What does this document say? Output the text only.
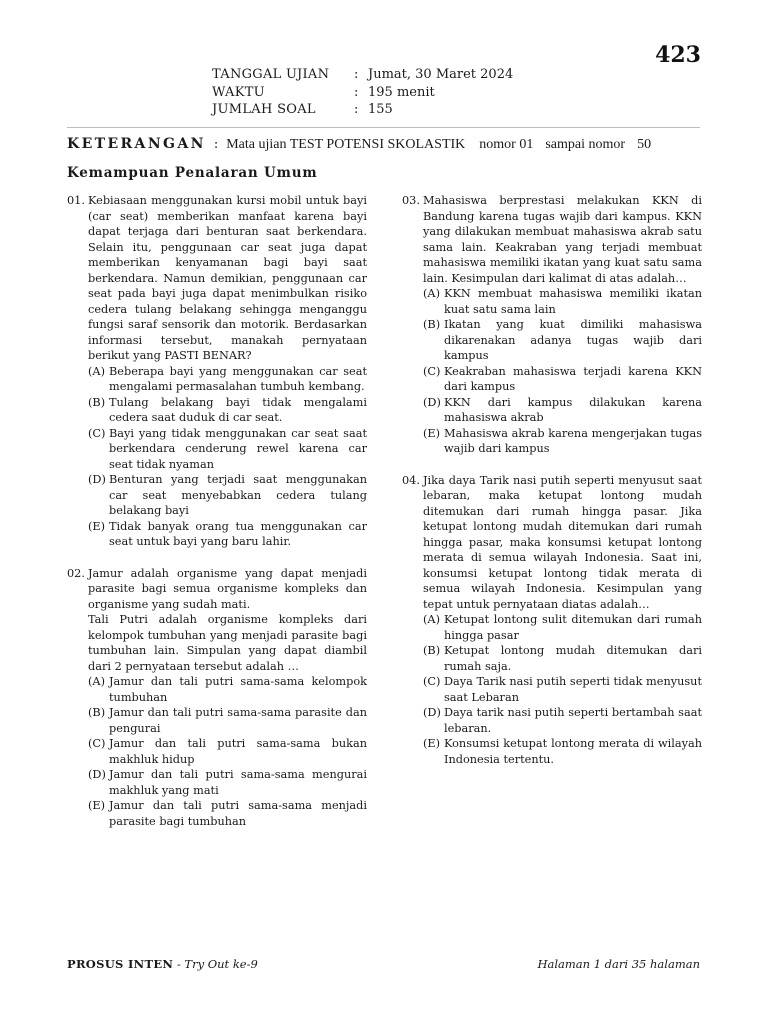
423
TANGGAL UJIAN	: Jumat, 30 Maret 2024
WAKTU	: 195 menit
JUMLAH SOAL	: 155
KETERANGAN : Mata ujian TEST POTENSI SKOLASTIK nomor 01 sampai nomor 50
Kemampuan Penalaran Umum
01. Kebiasaan menggunakan kursi mobil untuk bayi (car seat) memberikan manfaat karena bayi dapat terjaga dari benturan saat berkendara. Selain itu, penggunaan car seat juga dapat memberikan kenyamanan bagi bayi saat berkendara. Namun demikian, penggunaan car seat pada bayi juga dapat menimbulkan risiko cedera tulang belakang sehingga menganggu fungsi saraf sensorik dan motorik. Berdasarkan informasi tersebut, manakah pernyataan berikut yang PASTI BENAR?
(A) Beberapa bayi yang menggunakan car seat mengalami permasalahan tumbuh kembang.
(B) Tulang belakang bayi tidak mengalami cedera saat duduk di car seat.
(C) Bayi yang tidak menggunakan car seat saat berkendara cenderung rewel karena car seat tidak nyaman
(D) Benturan yang terjadi saat menggunakan car seat menyebabkan cedera tulang belakang bayi
(E) Tidak banyak orang tua menggunakan car seat untuk bayi yang baru lahir.
02. Jamur adalah organisme yang dapat menjadi parasite bagi semua organisme kompleks dan organisme yang sudah mati.
Tali Putri adalah organisme kompleks dari kelompok tumbuhan yang menjadi parasite bagi tumbuhan lain. Simpulan yang dapat diambil dari 2 pernyataan tersebut adalah …
(A) Jamur dan tali putri sama-sama kelompok tumbuhan
(B) Jamur dan tali putri sama-sama parasite dan pengurai
(C) Jamur dan tali putri sama-sama bukan makhluk hidup
(D) Jamur dan tali putri sama-sama mengurai makhluk yang mati
(E) Jamur dan tali putri sama-sama menjadi parasite bagi tumbuhan
03. Mahasiswa berprestasi melakukan KKN di Bandung karena tugas wajib dari kampus. KKN yang dilakukan membuat mahasiswa akrab satu sama lain. Keakraban yang terjadi membuat mahasiswa memiliki ikatan yang kuat satu sama lain. Kesimpulan dari kalimat di atas adalah…
(A) KKN membuat mahasiswa memiliki ikatan kuat satu sama lain
(B) Ikatan yang kuat dimiliki mahasiswa dikarenakan adanya tugas wajib dari kampus
(C) Keakraban mahasiswa terjadi karena KKN dari kampus
(D) KKN dari kampus dilakukan karena mahasiswa akrab
(E) Mahasiswa akrab karena mengerjakan tugas wajib dari kampus
04. Jika daya Tarik nasi putih seperti menyusut saat lebaran, maka ketupat lontong mudah ditemukan dari rumah hingga pasar. Jika ketupat lontong mudah ditemukan dari rumah hingga pasar, maka konsumsi ketupat lontong merata di semua wilayah Indonesia. Saat ini, konsumsi ketupat lontong tidak merata di semua wilayah Indonesia. Kesimpulan yang tepat untuk pernyataan diatas adalah…
(A) Ketupat lontong sulit ditemukan dari rumah hingga pasar
(B) Ketupat lontong mudah ditemukan dari rumah saja.
(C) Daya Tarik nasi putih seperti tidak menyusut saat Lebaran
(D) Daya tarik nasi putih seperti bertambah saat lebaran.
(E) Konsumsi ketupat lontong merata di wilayah Indonesia tertentu.
PROSUS INTEN - Try Out ke-9	Halaman 1 dari 35 halaman
